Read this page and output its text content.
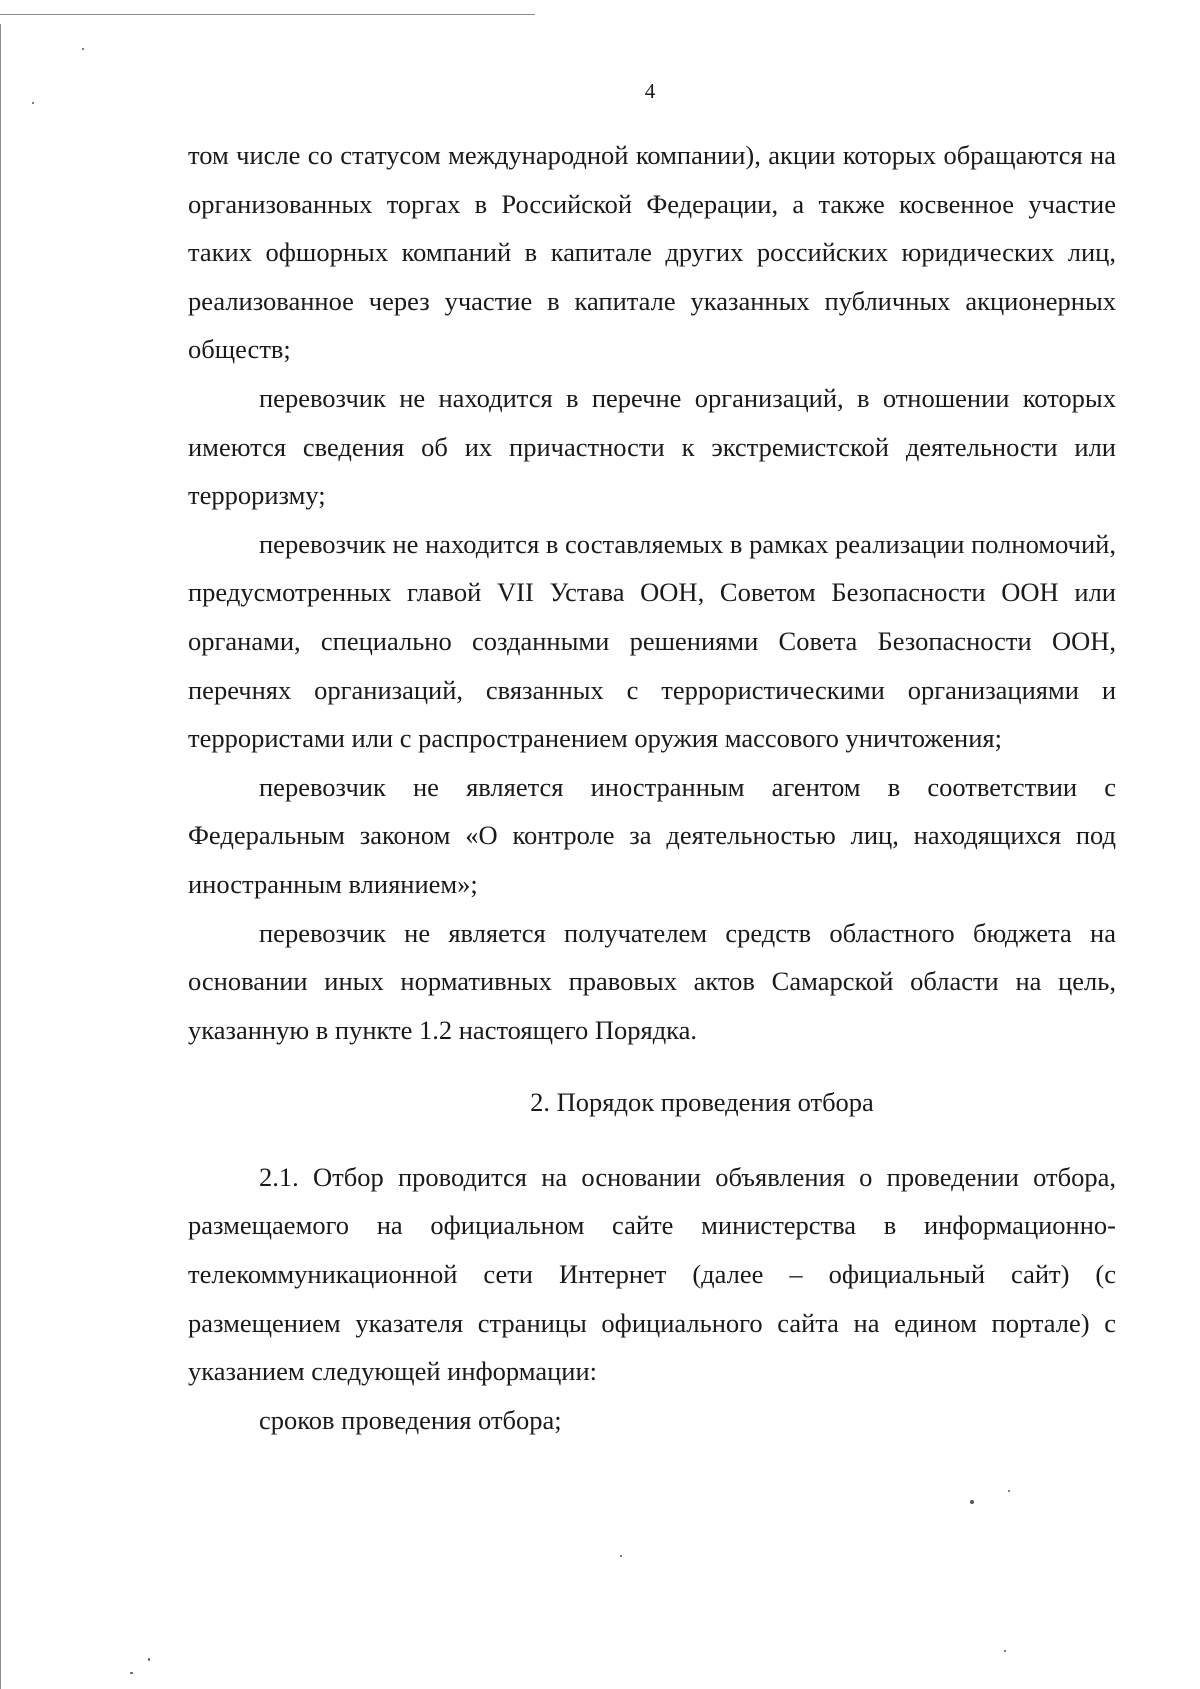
4

том числе со статусом международной компании), акции которых обращаются на организованных торгах в Российской Федерации, а также косвенное участие таких офшорных компаний в капитале других российских юридических лиц, реализованное через участие в капитале указанных публичных акционерных обществ;

перевозчик не находится в перечне организаций, в отношении которых имеются сведения об их причастности к экстремистской деятельности или терроризму;

перевозчик не находится в составляемых в рамках реализации полномочий, предусмотренных главой VII Устава ООН, Советом Безопасности ООН или органами, специально созданными решениями Совета Безопасности ООН, перечнях организаций, связанных с террористическими организациями и террористами или с распространением оружия массового уничтожения;

перевозчик не является иностранным агентом в соответствии с Федеральным законом «О контроле за деятельностью лиц, находящихся под иностранным влиянием»;

перевозчик не является получателем средств областного бюджета на основании иных нормативных правовых актов Самарской области на цель, указанную в пункте 1.2 настоящего Порядка.

2. Порядок проведения отбора

2.1. Отбор проводится на основании объявления о проведении отбора, размещаемого на официальном сайте министерства в информационно-телекоммуникационной сети Интернет (далее – официальный сайт) (с размещением указателя страницы официального сайта на едином портале) с указанием следующей информации:

сроков проведения отбора;
